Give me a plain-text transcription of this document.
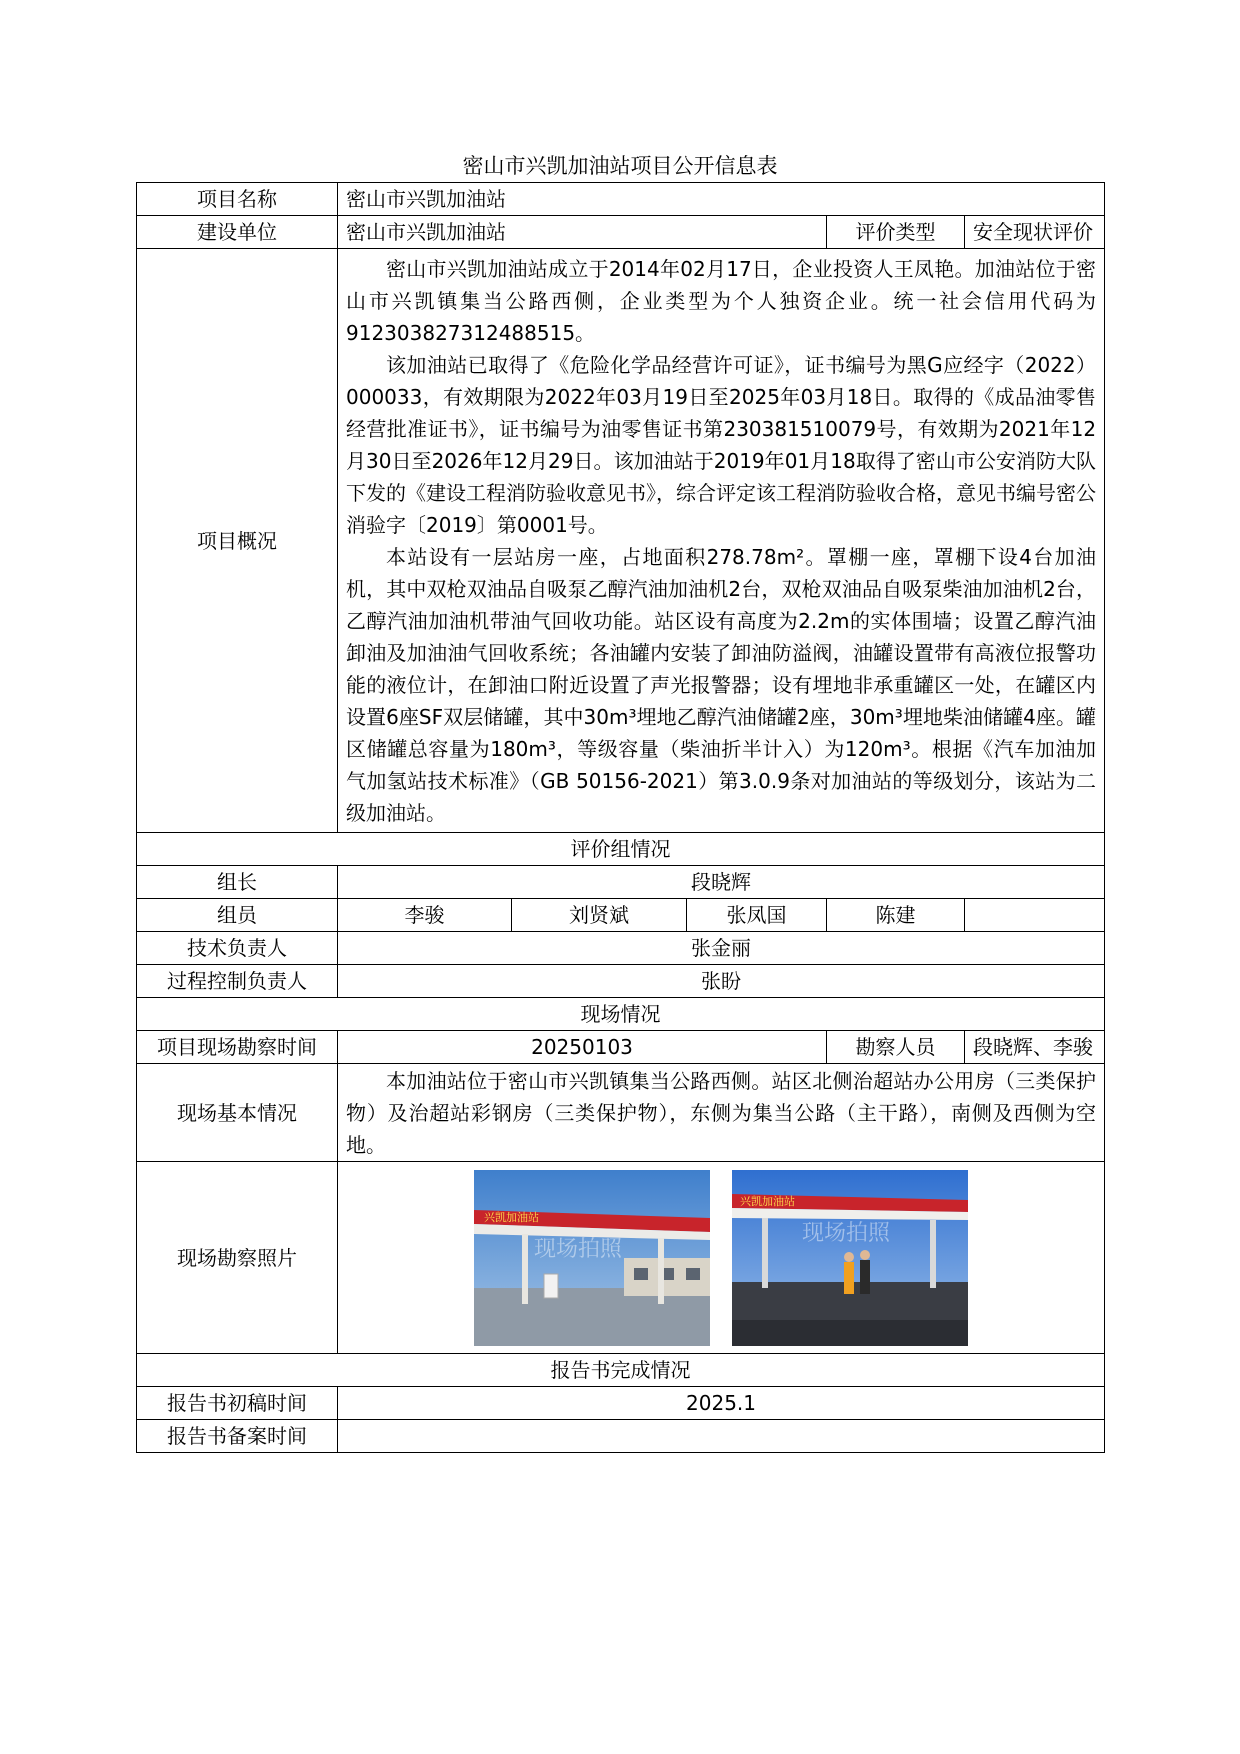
密山市兴凯加油站项目公开信息表
项目名称	密山市兴凯加油站				
建设单位	密山市兴凯加油站			评价类型	安全现状评价
项目概况	密山市兴凯加油站成立于2014年02月17日，企业投资人王凤艳。加油站位于密山市兴凯镇集当公路西侧，企业类型为个人独资企业。统一社会信用代码为912303827312488515。

该加油站已取得了《危险化学品经营许可证》，证书编号为黑G应经字（2022）000033，有效期限为2022年03月19日至2025年03月18日。取得的《成品油零售经营批准证书》，证书编号为油零售证书第230381510079号，有效期为2021年12月30日至2026年12月29日。该加油站于2019年01月18取得了密山市公安消防大队下发的《建设工程消防验收意见书》，综合评定该工程消防验收合格，意见书编号密公消验字〔2019〕第0001号。

本站设有一层站房一座，占地面积278.78m²。罩棚一座，罩棚下设4台加油机，其中双枪双油品自吸泵乙醇汽油加油机2台，双枪双油品自吸泵柴油加油机2台，乙醇汽油加油机带油气回收功能。站区设有高度为2.2m的实体围墙；设置乙醇汽油卸油及加油油气回收系统；各油罐内安装了卸油防溢阀，油罐设置带有高液位报警功能的液位计，在卸油口附近设置了声光报警器；设有埋地非承重罐区一处，在罐区内设置6座SF双层储罐，其中30m³埋地乙醇汽油储罐2座，30m³埋地柴油储罐4座。罐区储罐总容量为180m³，等级容量（柴油折半计入）为120m³。根据《汽车加油加气加氢站技术标准》（GB 50156-2021）第3.0.9条对加油站的等级划分，该站为二级加油站。				

评价组情况					
组长	段晓辉				
组员	李骏	刘贤斌	张凤国	陈建	
技术负责人	张金丽				
过程控制负责人	张盼				
现场情况					
项目现场勘察时间	20250103			勘察人员	段晓辉、李骏
现场基本情况	本加油站位于密山市兴凯镇集当公路西侧。站区北侧治超站办公用房（三类保护物）及治超站彩钢房（三类保护物），东侧为集当公路（主干路），南侧及西侧为空地。				

现场勘察照片	兴凯加油站
现场拍照
兴凯加油站
现场拍照				

报告书完成情况					
报告书初稿时间	2025.1				
报告书备案时间					
